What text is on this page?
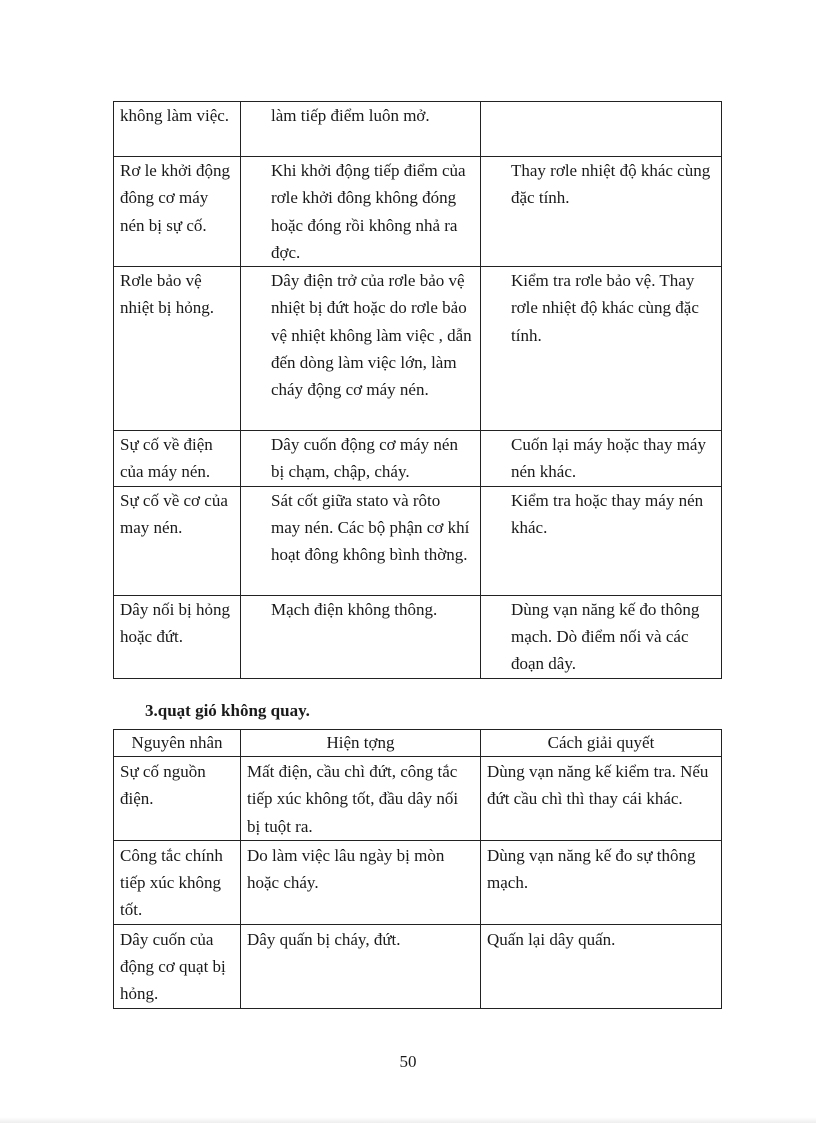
không làm việc.	làm tiếp điểm luôn mở.	
Rơ le khởi động đông cơ máy nén bị sự cố.	Khi khởi động tiếp điểm của rơle khởi đông không đóng hoặc đóng rồi không nhả ra đợc.	Thay rơle nhiệt độ khác cùng đặc tính.
Rơle bảo vệ nhiệt bị hỏng.	Dây điện trở của rơle bảo vệ nhiệt bị đứt hoặc do rơle bảo vệ nhiệt không làm việc , dẫn đến dòng làm việc lớn, làm cháy động cơ máy nén.	Kiểm tra rơle bảo vệ. Thay rơle nhiệt độ khác cùng đặc tính.
Sự cố về điện của máy nén.	Dây cuốn động cơ máy nén bị chạm, chập, cháy.	Cuốn lại máy hoặc thay máy nén khác.
Sự cố về cơ của may nén.	Sát cốt giữa stato và rôto may nén. Các bộ phận cơ khí hoạt đông không bình thờng.	Kiểm tra hoặc thay máy nén khác.
Dây nối bị hỏng hoặc đứt.	Mạch điện không thông.	Dùng vạn năng kế đo thông mạch. Dò điểm nối và các đoạn dây.
3.quạt gió không quay.
Nguyên nhân	Hiện tợng	Cách giải quyết
Sự cố nguồn điện.	Mất điện, cầu chì đứt, công tắc tiếp xúc không tốt, đầu dây nối bị tuột ra.	Dùng vạn năng kế kiểm tra. Nếu đứt cầu chì thì thay cái khác.
Công tắc chính tiếp xúc không tốt.	Do làm việc lâu ngày bị mòn hoặc cháy.	Dùng vạn năng kế đo sự thông mạch.
Dây cuốn của động cơ quạt bị hỏng.	Dây quấn bị cháy, đứt.	Quấn lại dây quấn.
50
